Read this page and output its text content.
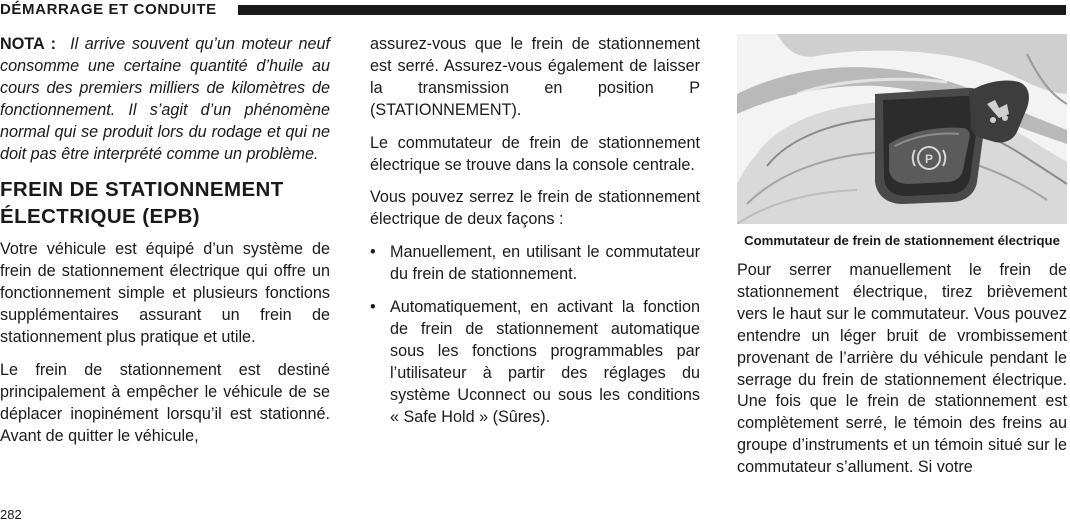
DÉMARRAGE ET CONDUITE

NOTA : Il arrive souvent qu’un moteur neuf consomme une certaine quantité d’huile au cours des premiers milliers de kilomètres de fonctionnement. Il s’agit d’un phénomène normal qui se produit lors du rodage et qui ne doit pas être interprété comme un problème.

FREIN DE STATIONNEMENT ÉLECTRIQUE (EPB)

Votre véhicule est équipé d’un système de frein de stationnement électrique qui offre un fonctionnement simple et plusieurs fonctions supplémentaires assurant un frein de stationnement plus pratique et utile.

Le frein de stationnement est destiné principalement à empêcher le véhicule de se déplacer inopinément lorsqu’il est stationné. Avant de quitter le véhicule,

assurez-vous que le frein de stationnement est serré. Assurez-vous également de laisser la transmission en position P (STATIONNEMENT).

Le commutateur de frein de stationnement électrique se trouve dans la console centrale.

Vous pouvez serrez le frein de stationnement électrique de deux façons :

• Manuellement, en utilisant le commutateur du frein de stationnement.
• Automatiquement, en activant la fonction de frein de stationnement automatique sous les fonctions programmables par l’utilisateur à partir des réglages du système Uconnect ou sous les conditions « Safe Hold » (Sûres).
P
Commutateur de frein de stationnement électrique

Pour serrer manuellement le frein de stationnement électrique, tirez brièvement vers le haut sur le commutateur. Vous pouvez entendre un léger bruit de vrombissement provenant de l’arrière du véhicule pendant le serrage du frein de stationnement électrique. Une fois que le frein de stationnement est complètement serré, le témoin des freins au groupe d’instruments et un témoin situé sur le commutateur s’allument. Si votre

282
